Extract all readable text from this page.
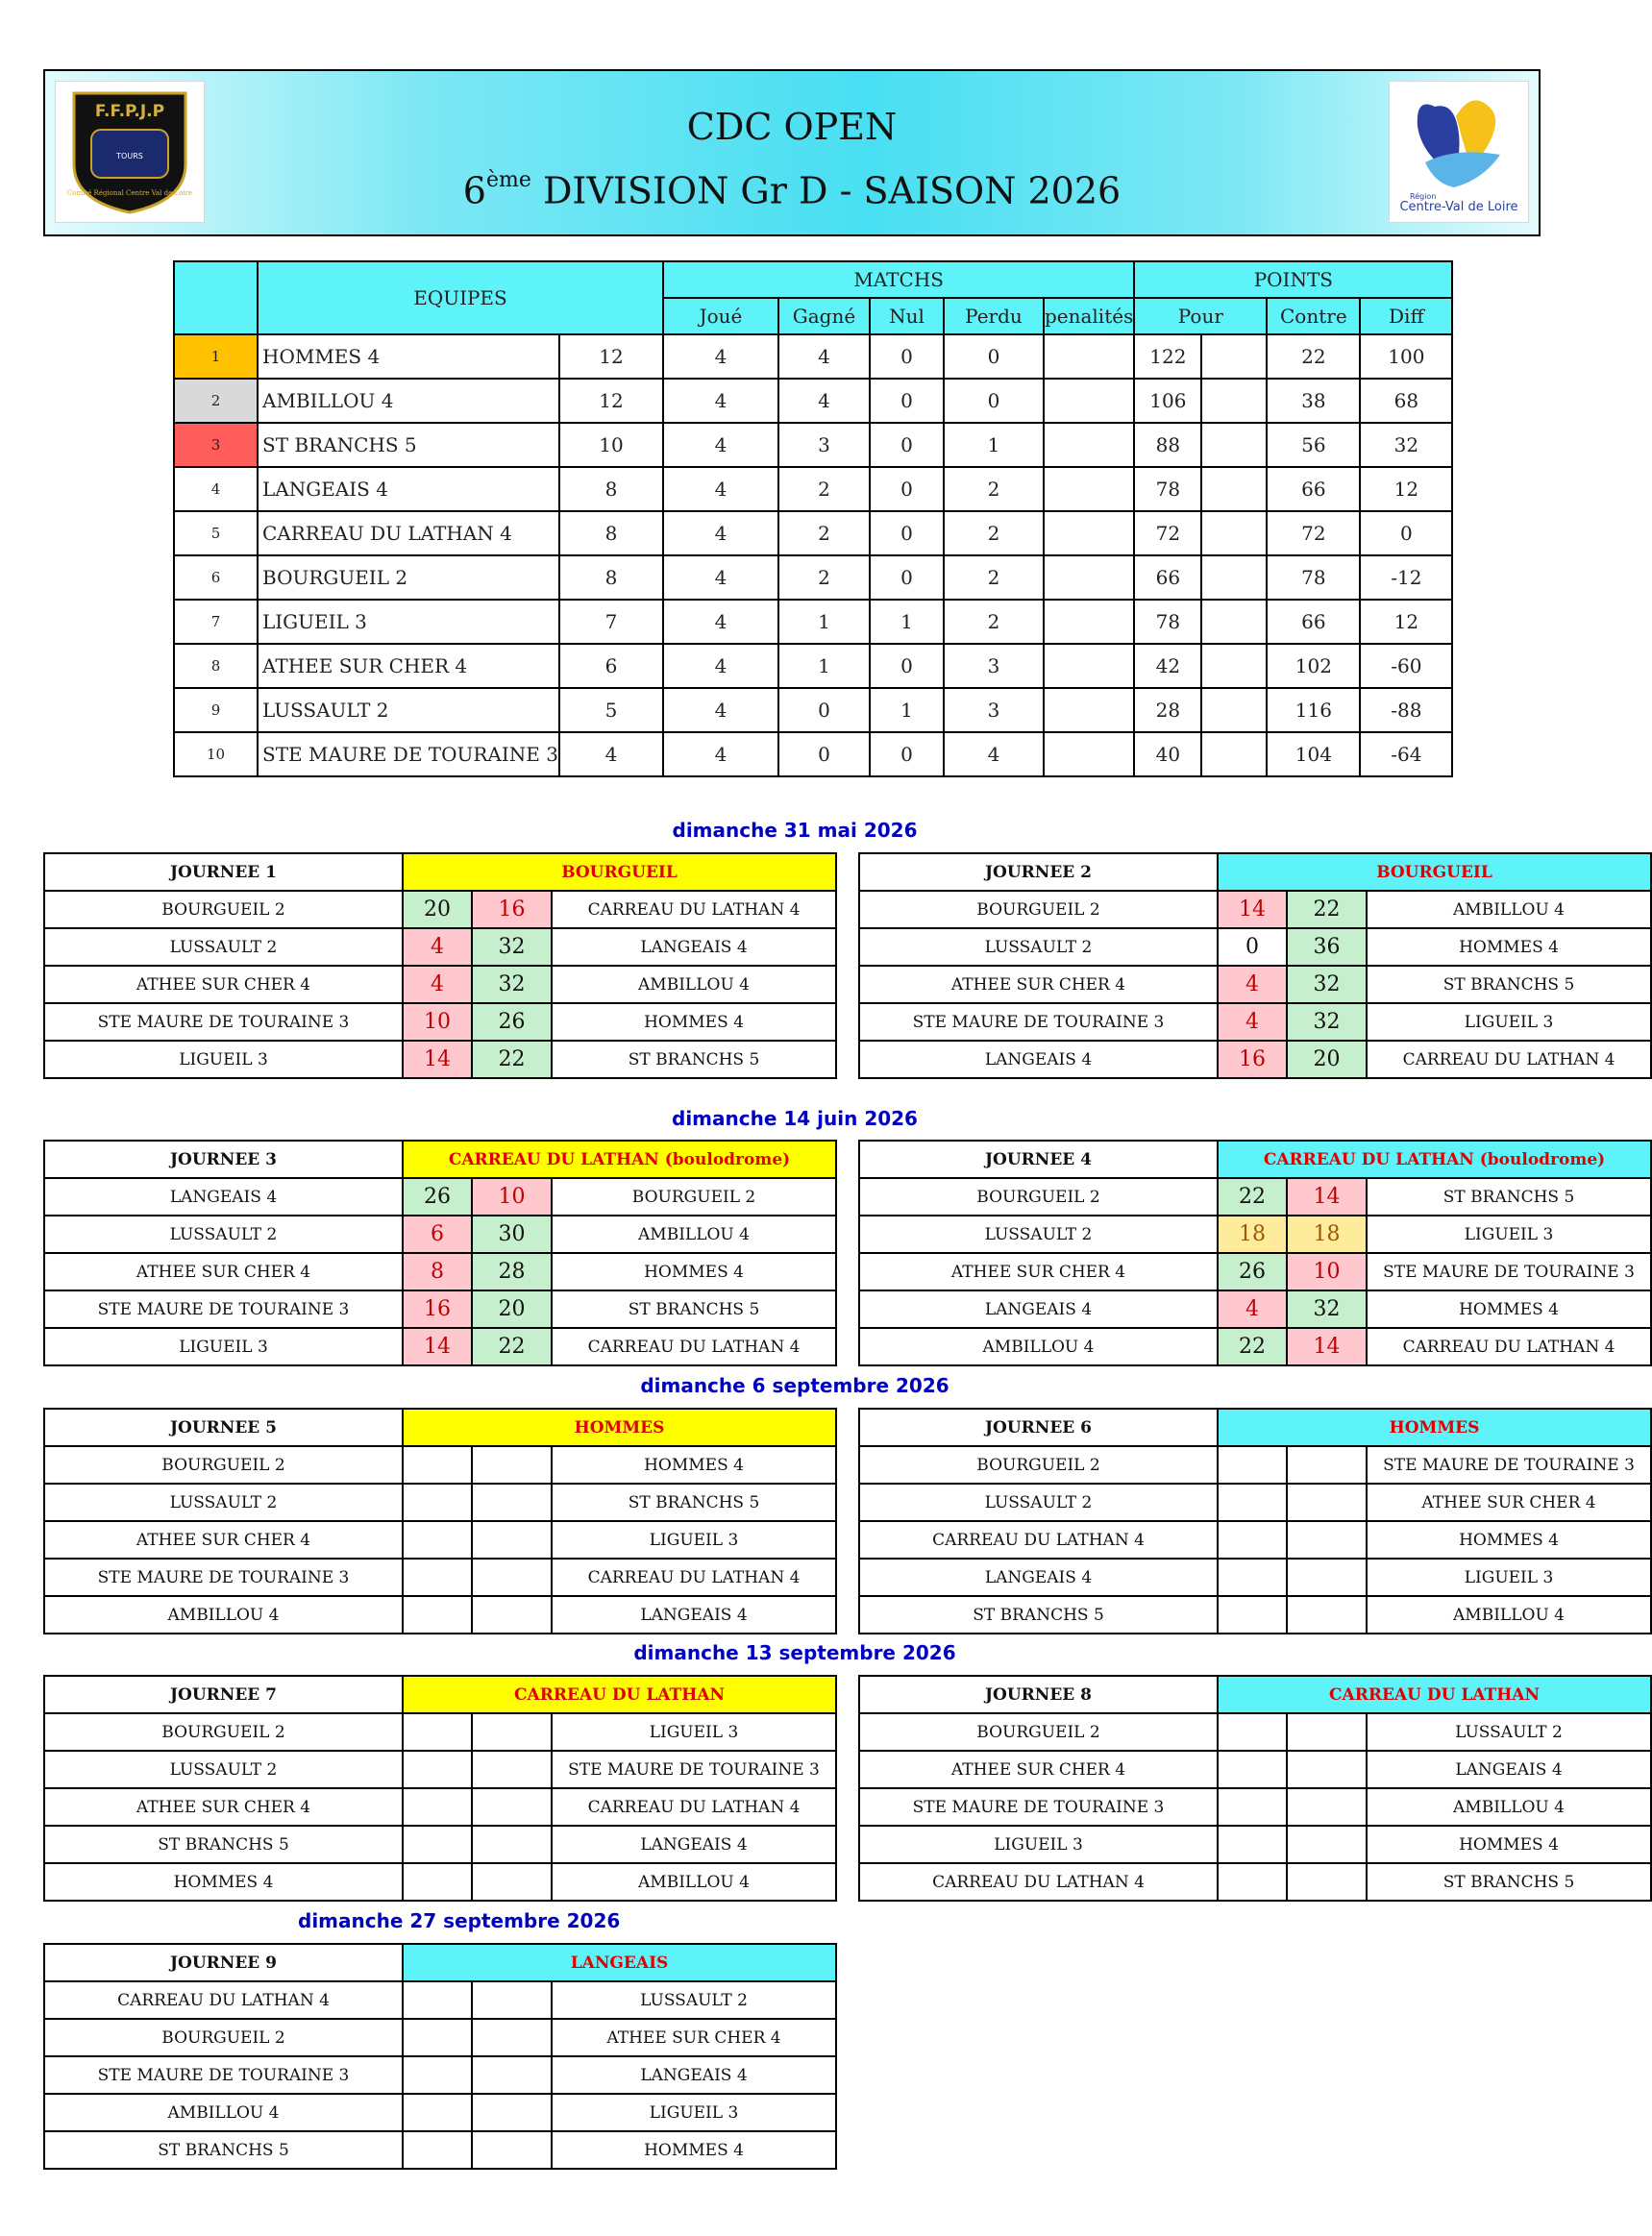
F.F.P.J.P
TOURS
Comité Régional Centre Val de Loire
CDC OPEN
6ème DIVISION Gr D - SAISON 2026	Région
Centre-Val de Loire
	EQUIPES		MATCHS					POINTS			
			Joué	Gagné	Nul	Perdu	penalités	Pour		Contre	Diff
1	HOMMES 4	12	4	4	0	0		122		22	100
2	AMBILLOU 4	12	4	4	0	0		106		38	68
3	ST BRANCHS 5	10	4	3	0	1		88		56	32
4	LANGEAIS 4	8	4	2	0	2		78		66	12
5	CARREAU DU LATHAN 4	8	4	2	0	2		72		72	0
6	BOURGUEIL 2	8	4	2	0	2		66		78	-12
7	LIGUEIL 3	7	4	1	1	2		78		66	12
8	ATHEE SUR CHER 4	6	4	1	0	3		42		102	-60
9	LUSSAULT 2	5	4	0	1	3		28		116	-88
10	STE MAURE DE TOURAINE 3	4	4	0	0	4		40		104	-64
dimanche 31 mai 2026
dimanche 14 juin 2026
dimanche 6 septembre 2026
dimanche 13 septembre 2026
dimanche 27 septembre 2026
JOURNEE 1	BOURGUEIL	
BOURGUEIL 2	20	16	CARREAU DU LATHAN 4	
LUSSAULT 2	4	32	LANGEAIS 4	
ATHEE SUR CHER 4	4	32	AMBILLOU 4	
STE MAURE DE TOURAINE 3	10	26	HOMMES 4	
LIGUEIL 3	14	22	ST BRANCHS 5	
JOURNEE 2	BOURGUEIL	
BOURGUEIL 2	14	22	AMBILLOU 4	
LUSSAULT 2	0	36	HOMMES 4	
ATHEE SUR CHER 4	4	32	ST BRANCHS 5	
STE MAURE DE TOURAINE 3	4	32	LIGUEIL 3	
LANGEAIS 4	16	20	CARREAU DU LATHAN 4	
JOURNEE 3	CARREAU DU LATHAN (boulodrome)	
LANGEAIS 4	26	10	BOURGUEIL 2	
LUSSAULT 2	6	30	AMBILLOU 4	
ATHEE SUR CHER 4	8	28	HOMMES 4	
STE MAURE DE TOURAINE 3	16	20	ST BRANCHS 5	
LIGUEIL 3	14	22	CARREAU DU LATHAN 4	
JOURNEE 4	CARREAU DU LATHAN (boulodrome)	
BOURGUEIL 2	22	14	ST BRANCHS 5	
LUSSAULT 2	18	18	LIGUEIL 3	
ATHEE SUR CHER 4	26	10	STE MAURE DE TOURAINE 3	
LANGEAIS 4	4	32	HOMMES 4	
AMBILLOU 4	22	14	CARREAU DU LATHAN 4	
JOURNEE 5	HOMMES	
BOURGUEIL 2			HOMMES 4	
LUSSAULT 2			ST BRANCHS 5	
ATHEE SUR CHER 4			LIGUEIL 3	
STE MAURE DE TOURAINE 3			CARREAU DU LATHAN 4	
AMBILLOU 4			LANGEAIS 4	
JOURNEE 6	HOMMES	
BOURGUEIL 2			STE MAURE DE TOURAINE 3	
LUSSAULT 2			ATHEE SUR CHER 4	
CARREAU DU LATHAN 4			HOMMES 4	
LANGEAIS 4			LIGUEIL 3	
ST BRANCHS 5			AMBILLOU 4	
JOURNEE 7	CARREAU DU LATHAN	
BOURGUEIL 2			LIGUEIL 3	
LUSSAULT 2			STE MAURE DE TOURAINE 3	
ATHEE SUR CHER 4			CARREAU DU LATHAN 4	
ST BRANCHS 5			LANGEAIS 4	
HOMMES 4			AMBILLOU 4	
JOURNEE 8	CARREAU DU LATHAN	
BOURGUEIL 2			LUSSAULT 2	
ATHEE SUR CHER 4			LANGEAIS 4	
STE MAURE DE TOURAINE 3			AMBILLOU 4	
LIGUEIL 3			HOMMES 4	
CARREAU DU LATHAN 4			ST BRANCHS 5	
JOURNEE 9	LANGEAIS	
CARREAU DU LATHAN 4			LUSSAULT 2	
BOURGUEIL 2			ATHEE SUR CHER 4	
STE MAURE DE TOURAINE 3			LANGEAIS 4	
AMBILLOU 4			LIGUEIL 3	
ST BRANCHS 5			HOMMES 4	
